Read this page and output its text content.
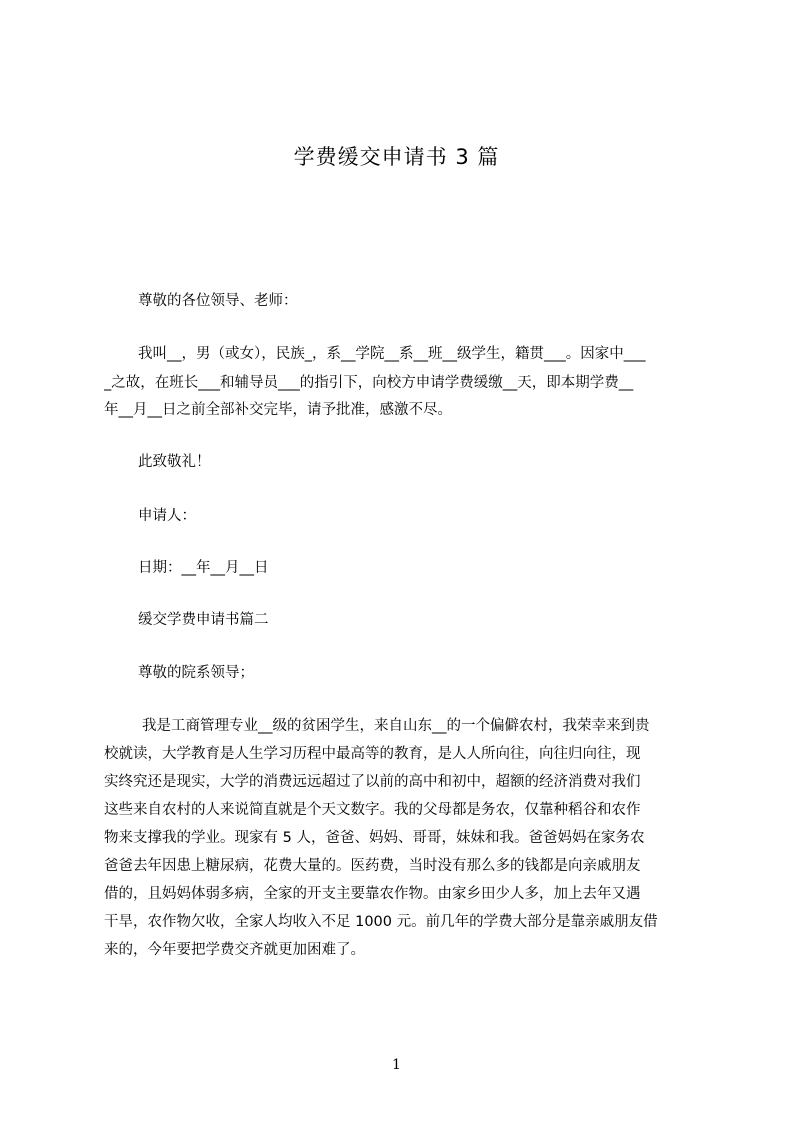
学费缓交申请书 3 篇
尊敬的各位领导、老师：
我叫__，男（或女），民族_，系__学院__系__班__级学生，籍贯___。因家中___
_之故，在班长___和辅导员___的指引下，向校方申请学费缓缴__天，即本期学费__
年__月__日之前全部补交完毕，请予批准，感激不尽。
此致敬礼！
申请人：
日期：__年__月__日
缓交学费申请书篇二
尊敬的院系领导；
我是工商管理专业__级的贫困学生，来自山东__的一个偏僻农村，我荣幸来到贵
校就读，大学教育是人生学习历程中最高等的教育，是人人所向往，向往归向往，现
实终究还是现实，大学的消费远远超过了以前的高中和初中，超额的经济消费对我们
这些来自农村的人来说简直就是个天文数字。我的父母都是务农，仅靠种稻谷和农作
物来支撑我的学业。现家有 5 人，爸爸、妈妈、哥哥，妹妹和我。爸爸妈妈在家务农
爸爸去年因患上糖尿病，花费大量的。医药费，当时没有那么多的钱都是向亲戚朋友
借的，且妈妈体弱多病，全家的开支主要靠农作物。由家乡田少人多，加上去年又遇
干旱，农作物欠收，全家人均收入不足 1000 元。前几年的学费大部分是靠亲戚朋友借
来的，今年要把学费交齐就更加困难了。
1
